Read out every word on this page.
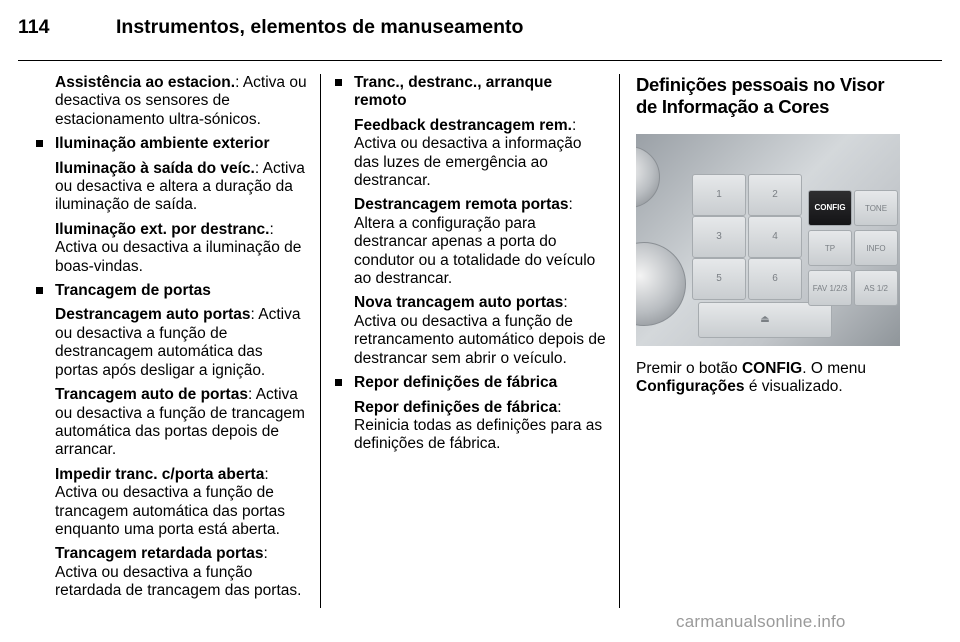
114	Instrumentos, elementos de manuseamento

Assistência ao estacion.: Activa ou desactiva os sensores de estacionamento ultra-sónicos.

Iluminação ambiente exterior

Iluminação à saída do veíc.: Activa ou desactiva e altera a duração da iluminação de saída.

Iluminação ext. por destranc.: Activa ou desactiva a iluminação de boas-vindas.

Trancagem de portas

Destrancagem auto portas: Activa ou desactiva a função de destrancagem automática das portas após desligar a ignição.

Trancagem auto de portas: Activa ou desactiva a função de trancagem automática das portas depois de arrancar.

Impedir tranc. c/porta aberta: Activa ou desactiva a função de trancagem automática das portas enquanto uma porta está aberta.

Trancagem retardada portas: Activa ou desactiva a função retardada de trancagem das portas.

Tranc., destranc., arranque remoto

Feedback destrancagem rem.: Activa ou desactiva a informação das luzes de emergência ao destrancar.

Destrancagem remota portas: Altera a configuração para destrancar apenas a porta do condutor ou a totalidade do veículo ao destrancar.

Nova trancagem auto portas: Activa ou desactiva a função de retrancamento automático depois de destrancar sem abrir o veículo.

Repor definições de fábrica

Repor definições de fábrica: Reinicia todas as definições para as definições de fábrica.

Definições pessoais no Visor de Informação a Cores
1	2
3	4
5	6
⏏
CONFIG	TONE
TP	INFO
FAV 1/2/3	AS 1/2

Premir o botão CONFIG. O menu Configurações é visualizado.

carmanualsonline.info
